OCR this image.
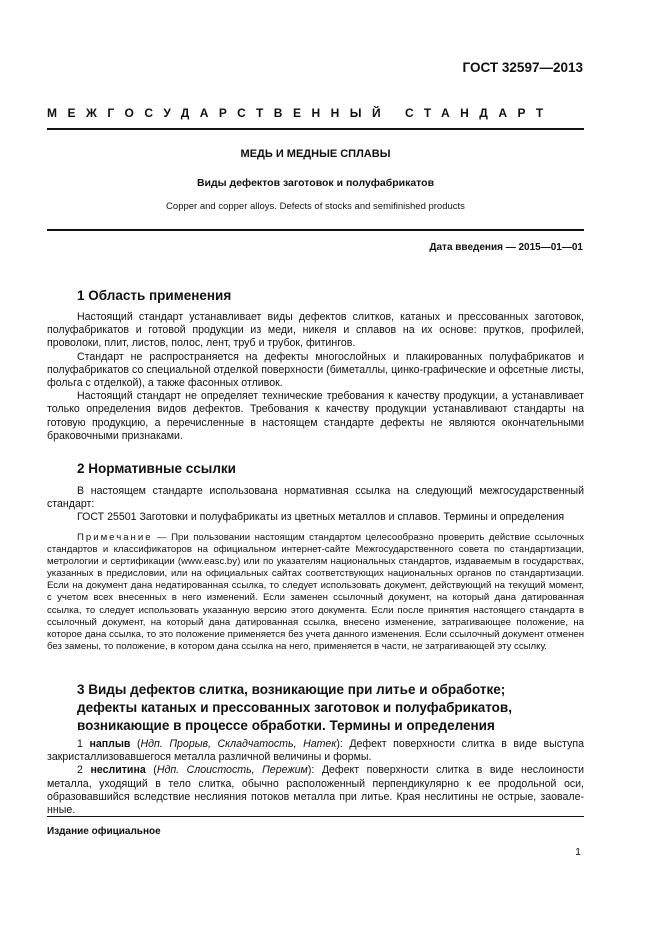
ГОСТ 32597—2013
МЕЖГОСУДАРСТВЕННЫЙ СТАНДАРТ
МЕДЬ И МЕДНЫЕ СПЛАВЫ
Виды дефектов заготовок и полуфабрикатов
Copper and copper alloys. Defects of stocks and semifinished products
Дата введения — 2015—01—01
1 Область применения

Настоящий стандарт устанавливает виды дефектов слитков, катаных и прессованных заготовок, полуфабрикатов и готовой продукции из меди, никеля и сплавов на их основе: прутков, профилей, проволоки, плит, листов, полос, лент, труб и трубок, фитингов.

Стандарт не распространяется на дефекты многослойных и плакированных полуфабрикатов и полуфабрикатов со специальной отделкой поверхности (биметаллы, цинко-графические и офсетные листы, фольга с отделкой), а также фасонных отливок.

Настоящий стандарт не определяет технические требования к качеству продукции, а устанавливает только определения видов дефектов. Требования к качеству продукции устанавливают стандарты на готовую продукцию, а перечисленные в настоящем стандарте дефекты не являются окончательными браковочными признаками.

2 Нормативные ссылки

В настоящем стандарте использована нормативная ссылка на следующий межгосударственный стандарт:

ГОСТ 25501 Заготовки и полуфабрикаты из цветных металлов и сплавов. Термины и определения

Примечание — При пользовании настоящим стандартом целесообразно проверить действие ссылочных стандартов и классификаторов на официальном интернет-сайте Межгосударственного совета по стандартизации, метрологии и сертификации (www.easc.by) или по указателям национальных стандартов, издаваемым в государствах, указанных в предисловии, или на официальных сайтах соответствующих национальных органов по стандартизации. Если на документ дана недатированная ссылка, то следует использовать документ, действующий на текущий момент, с учетом всех внесенных в него изменений. Если заменен ссылочный документ, на который дана датированная ссылка, то следует использовать указанную версию этого документа. Если после принятия настоящего стандарта в ссылочный документ, на который дана датированная ссылка, внесено изменение, затрагивающее положение, на которое дана ссылка, то это положение применяется без учета данного изменения. Если ссылочный документ отменен без замены, то положение, в котором дана ссылка на него, применяется в части, не затрагивающей эту ссылку.

3 Виды дефектов слитка, возникающие при литье и обработке;
дефекты катаных и прессованных заготовок и полуфабрикатов,
возникающие в процессе обработки. Термины и определения

1 наплыв (Ндп. Прорыв, Складчатость, Натек): Дефект поверхности слитка в виде выступа закристаллизовавшегося металла различной величины и формы.

2 неслитина (Ндп. Слоистость, Пережим): Дефект поверхности слитка в виде неслоиности металла, уходящий в тело слитка, обычно расположенный перпендикулярно к ее продольной оси, образовавшийся вследствие неслияния потоков металла при литье. Края неслитины не острые, заоваленные.

Издание официальное
1
